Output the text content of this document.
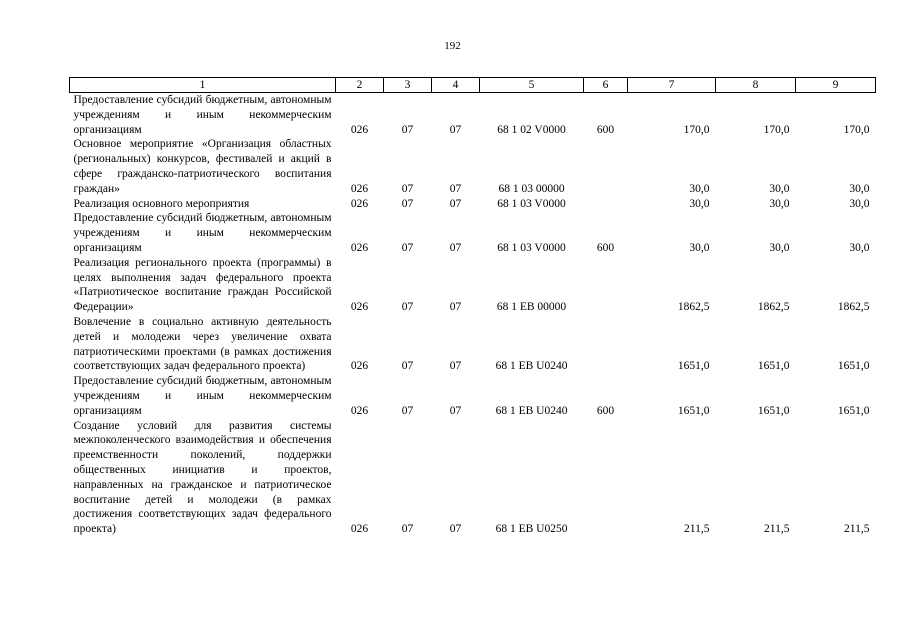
192
1	2	3	4	5	6	7	8	9
Предоставление субсидий бюджетным, автономным учреждениям и иным некоммерческим организациям	026	07	07	68 1 02 V0000	600	170,0	170,0	170,0
Основное мероприятие «Организация областных (региональных) конкурсов, фестивалей и акций в сфере гражданско-патриотического воспитания граждан»	026	07	07	68 1 03 00000		30,0	30,0	30,0
Реализация основного мероприятия	026	07	07	68 1 03 V0000		30,0	30,0	30,0
Предоставление субсидий бюджетным, автономным учреждениям и иным некоммерческим организациям	026	07	07	68 1 03 V0000	600	30,0	30,0	30,0
Реализация регионального проекта (программы) в целях выполнения задач федерального проекта «Патриотическое воспитание граждан Российской Федерации»	026	07	07	68 1 EB 00000		1862,5	1862,5	1862,5
Вовлечение в социально активную деятельность детей и молодежи через увеличение охвата патриотическими проектами (в рамках достижения соответствующих задач федерального проекта)	026	07	07	68 1 EB U0240		1651,0	1651,0	1651,0
Предоставление субсидий бюджетным, автономным учреждениям и иным некоммерческим организациям	026	07	07	68 1 EB U0240	600	1651,0	1651,0	1651,0
Создание условий для развития системы межпоколенческого взаимодействия и обеспечения преемственности поколений, поддержки общественных инициатив и проектов, направленных на гражданское и патриотическое воспитание детей и молодежи (в рамках достижения соответствующих задач федерального проекта)	026	07	07	68 1 EB U0250		211,5	211,5	211,5
